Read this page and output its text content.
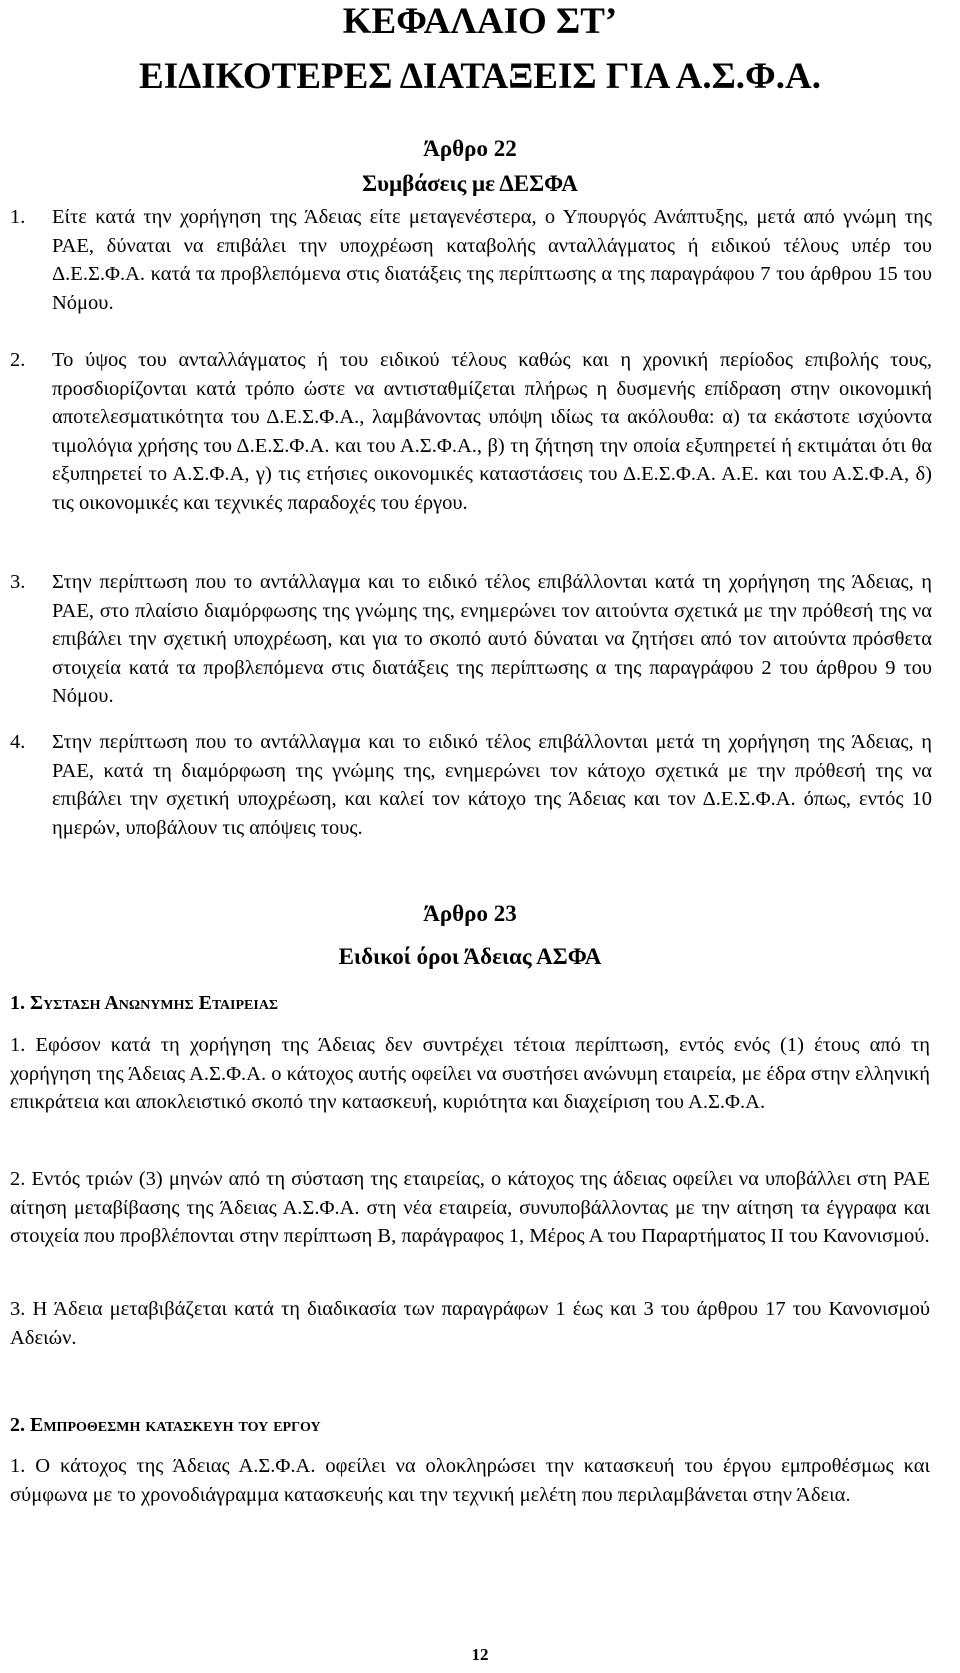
ΚΕΦΑΛΑΙΟ ΣΤ’
ΕΙΔΙΚΟΤΕΡΕΣ ΔΙΑΤΑΞΕΙΣ ΓΙΑ Α.Σ.Φ.Α.
Άρθρο 22
Συμβάσεις με ΔΕΣΦΑ
1. Είτε κατά την χορήγηση της Άδειας είτε μεταγενέστερα, ο Υπουργός Ανάπτυξης, μετά από γνώμη της ΡΑΕ, δύναται να επιβάλει την υποχρέωση καταβολής ανταλλάγματος ή ειδικού τέλους υπέρ του Δ.Ε.Σ.Φ.Α. κατά τα προβλεπόμενα στις διατάξεις της περίπτωσης α της παραγράφου 7 του άρθρου 15 του Νόμου.
2. Το ύψος του ανταλλάγματος ή του ειδικού τέλους καθώς και η χρονική περίοδος επιβολής τους, προσδιορίζονται κατά τρόπο ώστε να αντισταθμίζεται πλήρως η δυσμενής επίδραση στην οικονομική αποτελεσματικότητα του Δ.Ε.Σ.Φ.Α., λαμβάνοντας υπόψη ιδίως τα ακόλουθα: α) τα εκάστοτε ισχύοντα τιμολόγια χρήσης του Δ.Ε.Σ.Φ.Α. και του Α.Σ.Φ.Α., β) τη ζήτηση την οποία εξυπηρετεί ή εκτιμάται ότι θα εξυπηρετεί το Α.Σ.Φ.Α, γ) τις ετήσιες οικονομικές καταστάσεις του Δ.Ε.Σ.Φ.Α. Α.Ε. και του Α.Σ.Φ.Α, δ) τις οικονομικές και τεχνικές παραδοχές του έργου.
3. Στην περίπτωση που το αντάλλαγμα και το ειδικό τέλος επιβάλλονται κατά τη χορήγηση της Άδειας, η ΡΑΕ, στο πλαίσιο διαμόρφωσης της γνώμης της, ενημερώνει τον αιτούντα σχετικά με την πρόθεσή της να επιβάλει την σχετική υποχρέωση, και για το σκοπό αυτό δύναται να ζητήσει από τον αιτούντα πρόσθετα στοιχεία κατά τα προβλεπόμενα στις διατάξεις της περίπτωσης α της παραγράφου 2 του άρθρου 9 του Νόμου.
4. Στην περίπτωση που το αντάλλαγμα και το ειδικό τέλος επιβάλλονται μετά τη χορήγηση της Άδειας, η ΡΑΕ, κατά τη διαμόρφωση της γνώμης της, ενημερώνει τον κάτοχο σχετικά με την πρόθεσή της να επιβάλει την σχετική υποχρέωση, και καλεί τον κάτοχο της Άδειας και τον Δ.Ε.Σ.Φ.Α. όπως, εντός 10 ημερών, υποβάλουν τις απόψεις τους.
Άρθρο 23
Ειδικοί όροι Άδειας ΑΣΦΑ
1. Συσταση Ανωνυμης Εταιρειας
1. Εφόσον κατά τη χορήγηση της Άδειας δεν συντρέχει τέτοια περίπτωση, εντός ενός (1) έτους από τη χορήγηση της Άδειας Α.Σ.Φ.Α. ο κάτοχος αυτής οφείλει να συστήσει ανώνυμη εταιρεία, με έδρα στην ελληνική επικράτεια και αποκλειστικό σκοπό την κατασκευή, κυριότητα και διαχείριση του Α.Σ.Φ.Α.
2. Εντός τριών (3) μηνών από τη σύσταση της εταιρείας, ο κάτοχος της άδειας οφείλει να υποβάλλει στη ΡΑΕ αίτηση μεταβίβασης της Άδειας Α.Σ.Φ.Α. στη νέα εταιρεία, συνυποβάλλοντας με την αίτηση τα έγγραφα και στοιχεία που προβλέπονται στην περίπτωση Β, παράγραφος 1, Μέρος Α του Παραρτήματος ΙΙ του Κανονισμού.
3. Η Άδεια μεταβιβάζεται κατά τη διαδικασία των παραγράφων 1 έως και 3 του άρθρου 17 του Κανονισμού Αδειών.
2. Εμπροθεσμη κατασκευη του εργου
1. Ο κάτοχος της Άδειας Α.Σ.Φ.Α. οφείλει να ολοκληρώσει την κατασκευή του έργου εμπροθέσμως και σύμφωνα με το χρονοδιάγραμμα κατασκευής και την τεχνική μελέτη που περιλαμβάνεται στην Άδεια.
12
